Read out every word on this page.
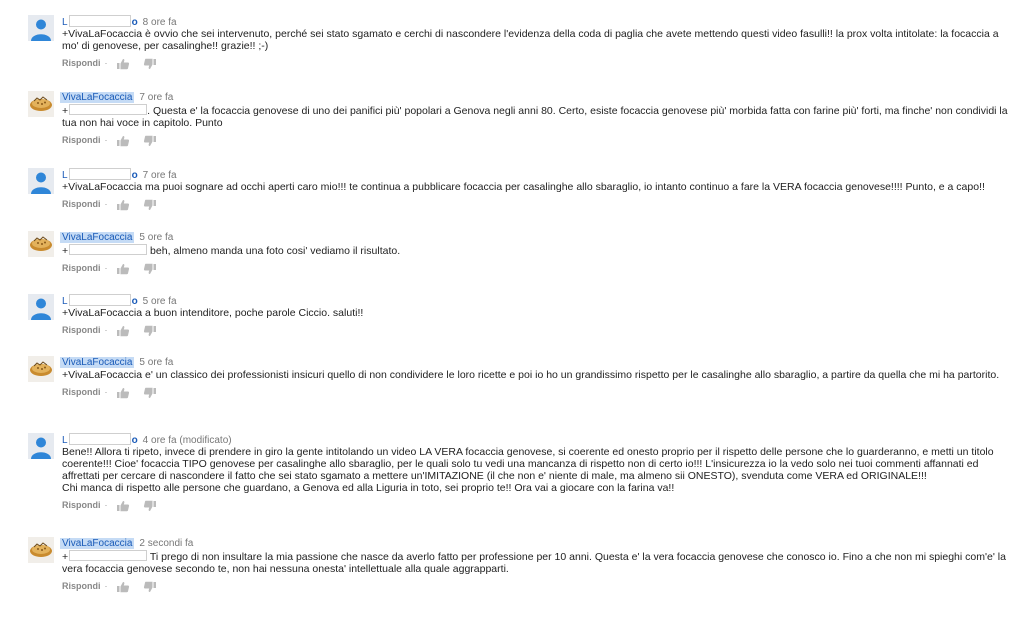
L	o 8 ore fa
+VivaLaFocaccia è ovvio che sei intervenuto, perché sei stato sgamato e cerchi di nascondere l'evidenza della coda di paglia che avete mettendo questi video fasulli!! la prox volta intitolate: la focaccia a mo' di genovese, per casalinghe!! grazie!! ;-)
Rispondi ·

VivaLaFocaccia 7 ore fa
+	. Questa e' la focaccia genovese di uno dei panifici più' popolari a Genova negli anni 80. Certo, esiste focaccia genovese più' morbida fatta con farine più' forti, ma finche' non condividi la tua non hai voce in capitolo. Punto
Rispondi ·

L	o 7 ore fa
+VivaLaFocaccia ma puoi sognare ad occhi aperti caro mio!!! te continua a pubblicare focaccia per casalinghe allo sbaraglio, io intanto continuo a fare la VERA focaccia genovese!!!! Punto, e a capo!!
Rispondi ·

VivaLaFocaccia 5 ore fa
+	beh, almeno manda una foto cosi' vediamo il risultato.
Rispondi ·

L	o 5 ore fa
+VivaLaFocaccia a buon intenditore, poche parole Ciccio. saluti!!
Rispondi ·

VivaLaFocaccia 5 ore fa
+VivaLaFocaccia e' un classico dei professionisti insicuri quello di non condividere le loro ricette e poi io ho un grandissimo rispetto per le casalinghe allo sbaraglio, a partire da quella che mi ha partorito.
Rispondi ·

L	o 4 ore fa (modificato)
Bene!! Allora ti ripeto, invece di prendere in giro la gente intitolando un video LA VERA focaccia genovese, si coerente ed onesto proprio per il rispetto delle persone che lo guarderanno, e metti un titolo coerente!!! Cioe' focaccia TIPO genovese per casalinghe allo sbaraglio, per le quali solo tu vedi una mancanza di rispetto non di certo io!!! L'insicurezza io la vedo solo nei tuoi commenti affannati ed affrettati per cercare di nascondere il fatto che sei stato sgamato a mettere un'IMITAZIONE (il che non e' niente di male, ma almeno sii ONESTO), svenduta come VERA ed ORIGINALE!!!
Chi manca di rispetto alle persone che guardano, a Genova ed alla Liguria in toto, sei proprio te!! Ora vai a giocare con la farina va!!
Rispondi ·

VivaLaFocaccia 2 secondi fa
+	Ti prego di non insultare la mia passione che nasce da averlo fatto per professione per 10 anni. Questa e' la vera focaccia genovese che conosco io. Fino a che non mi spieghi com'e' la vera focaccia genovese secondo te, non hai nessuna onesta' intellettuale alla quale aggrapparti.
Rispondi ·
